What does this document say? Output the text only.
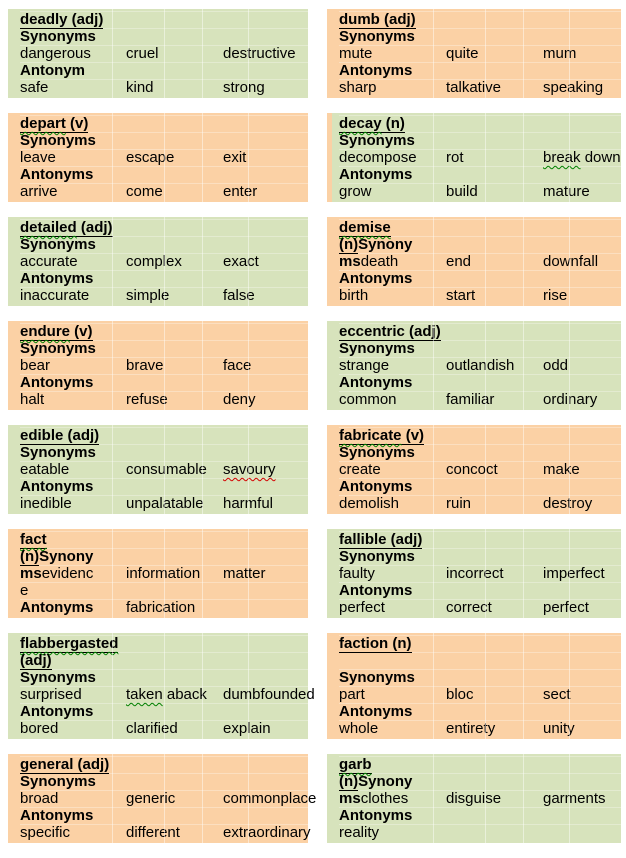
deadly (adj)
Synonyms
dangerous	cruel	destructive
Antonym
safe	kind	strong
depart (v)
Synonyms
leave	escape	exit
Antonyms
arrive	come	enter
detailed (adj)
Synonyms
accurate	complex	exact
Antonyms
inaccurate	simple	false
endure (v)
Synonyms
bear	brave	face
Antonyms
halt	refuse	deny
edible (adj)
Synonyms
eatable	consumable	savoury
Antonyms
inedible	unpalatable	harmful
fact
(n)Synony
msevidenc	information	matter
e
Antonyms	fabrication
flabbergasted
(adj)
Synonyms
surprised	taken aback	dumbfounded
Antonyms
bored	clarified	explain
general (adj)
Synonyms
broad	generic	commonplace
Antonyms
specific	different	extraordinary
dumb (adj)
Synonyms
mute	quite	mum
Antonyms
sharp	talkative	speaking
decay (n)
Synonyms
decompose	rot	break down
Antonyms
grow	build	mature
demise
(n)Synony
msdeath	end	downfall
Antonyms
birth	start	rise
eccentric (adj)
Synonyms
strange	outlandish	odd
Antonyms
common	familiar	ordinary
fabricate (v)
Synonyms
create	concoct	make
Antonyms
demolish	ruin	destroy
fallible (adj)
Synonyms
faulty	incorrect	imperfect
Antonyms
perfect	correct	perfect
faction (n)
Synonyms
part	bloc	sect
Antonyms
whole	entirety	unity
garb
(n)Synony
msclothes	disguise	garments
Antonyms
reality
